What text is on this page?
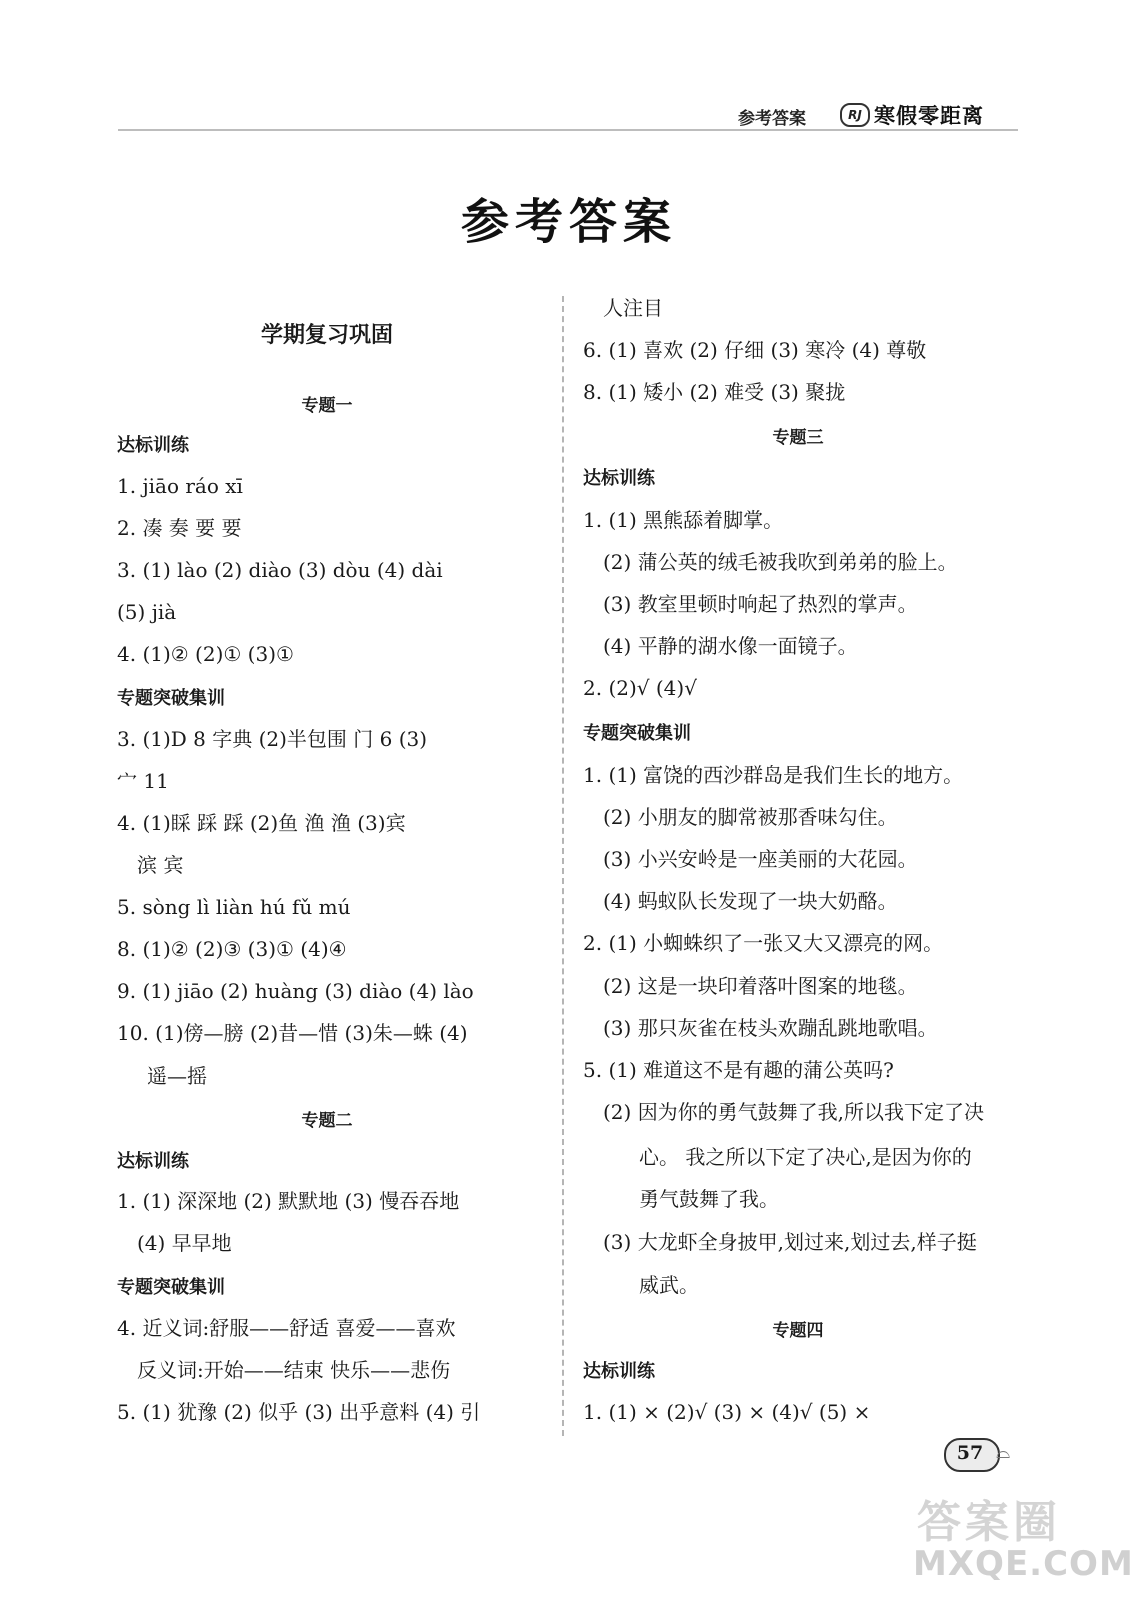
参考答案	RJ 寒假零距离
参考答案
学期复习巩固
专题一
达标训练
1. jiāo ráo xī
2. 凑 奏 要 要
3. (1) lào (2) diào (3) dòu (4) dài
(5) jià
4. (1)② (2)① (3)①
专题突破集训
3. (1)D 8 字典 (2)半包围 门 6 (3)
宀 11
4. (1)睬 踩 踩 (2)鱼 渔 渔 (3)宾
滨 宾
5. sòng lì liàn hú fǔ mú
8. (1)② (2)③ (3)① (4)④
9. (1) jiāo (2) huàng (3) diào (4) lào
10. (1)傍—膀 (2)昔—惜 (3)朱—蛛 (4)
遥—摇
专题二
达标训练
1. (1) 深深地 (2) 默默地 (3) 慢吞吞地
(4) 早早地
专题突破集训
4. 近义词:舒服——舒适 喜爱——喜欢
反义词:开始——结束 快乐——悲伤
5. (1) 犹豫 (2) 似乎 (3) 出乎意料 (4) 引
人注目
6. (1) 喜欢 (2) 仔细 (3) 寒冷 (4) 尊敬
8. (1) 矮小 (2) 难受 (3) 聚拢
专题三
达标训练
1. (1) 黑熊舔着脚掌。
(2) 蒲公英的绒毛被我吹到弟弟的脸上。
(3) 教室里顿时响起了热烈的掌声。
(4) 平静的湖水像一面镜子。
2. (2)√ (4)√
专题突破集训
1. (1) 富饶的西沙群岛是我们生长的地方。
(2) 小朋友的脚常被那香味勾住。
(3) 小兴安岭是一座美丽的大花园。
(4) 蚂蚁队长发现了一块大奶酪。
2. (1) 小蜘蛛织了一张又大又漂亮的网。
(2) 这是一块印着落叶图案的地毯。
(3) 那只灰雀在枝头欢蹦乱跳地歌唱。
5. (1) 难道这不是有趣的蒲公英吗?
(2) 因为你的勇气鼓舞了我,所以我下定了决
心。 我之所以下定了决心,是因为你的
勇气鼓舞了我。
(3) 大龙虾全身披甲,划过来,划过去,样子挺
威武。
专题四
达标训练
1. (1) × (2)√ (3) × (4)√ (5) ×
57 ⌓
答案圈
MXQE.COM
